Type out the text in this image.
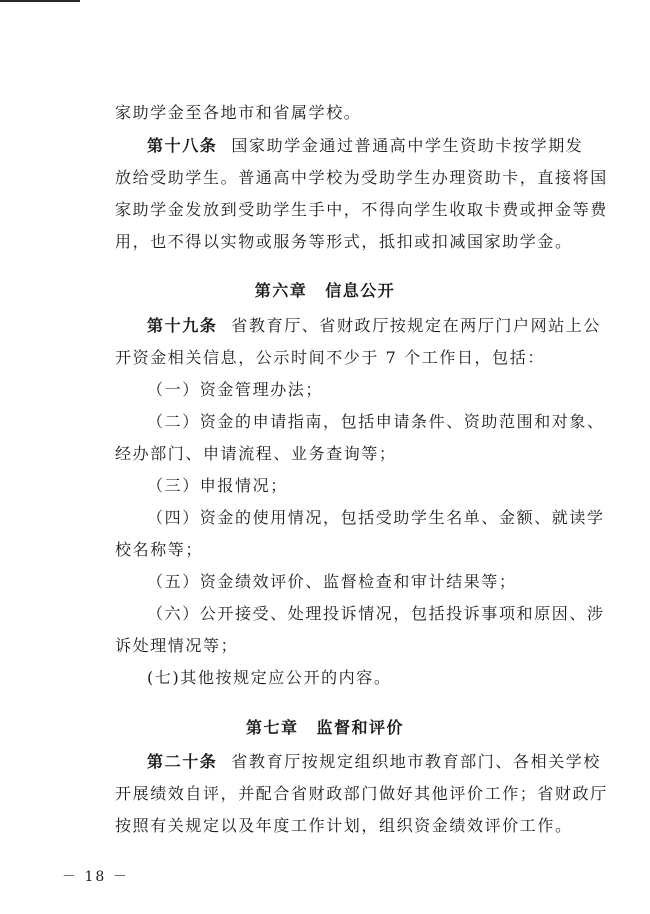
家助学金至各地市和省属学校。
第十八条 国家助学金通过普通高中学生资助卡按学期发
放给受助学生。普通高中学校为受助学生办理资助卡，直接将国
家助学金发放到受助学生手中，不得向学生收取卡费或押金等费
用，也不得以实物或服务等形式，抵扣或扣减国家助学金。
第六章 信息公开
第十九条 省教育厅、省财政厅按规定在两厅门户网站上公
开资金相关信息，公示时间不少于 7 个工作日，包括：
（一）资金管理办法；
（二）资金的申请指南，包括申请条件、资助范围和对象、
经办部门、申请流程、业务查询等；
（三）申报情况；
（四）资金的使用情况，包括受助学生名单、金额、就读学
校名称等；
（五）资金绩效评价、监督检查和审计结果等；
（六）公开接受、处理投诉情况，包括投诉事项和原因、涉
诉处理情况等；
(七)其他按规定应公开的内容。
第七章 监督和评价
第二十条 省教育厅按规定组织地市教育部门、各相关学校
开展绩效自评，并配合省财政部门做好其他评价工作；省财政厅
按照有关规定以及年度工作计划，组织资金绩效评价工作。
－ 18 －
